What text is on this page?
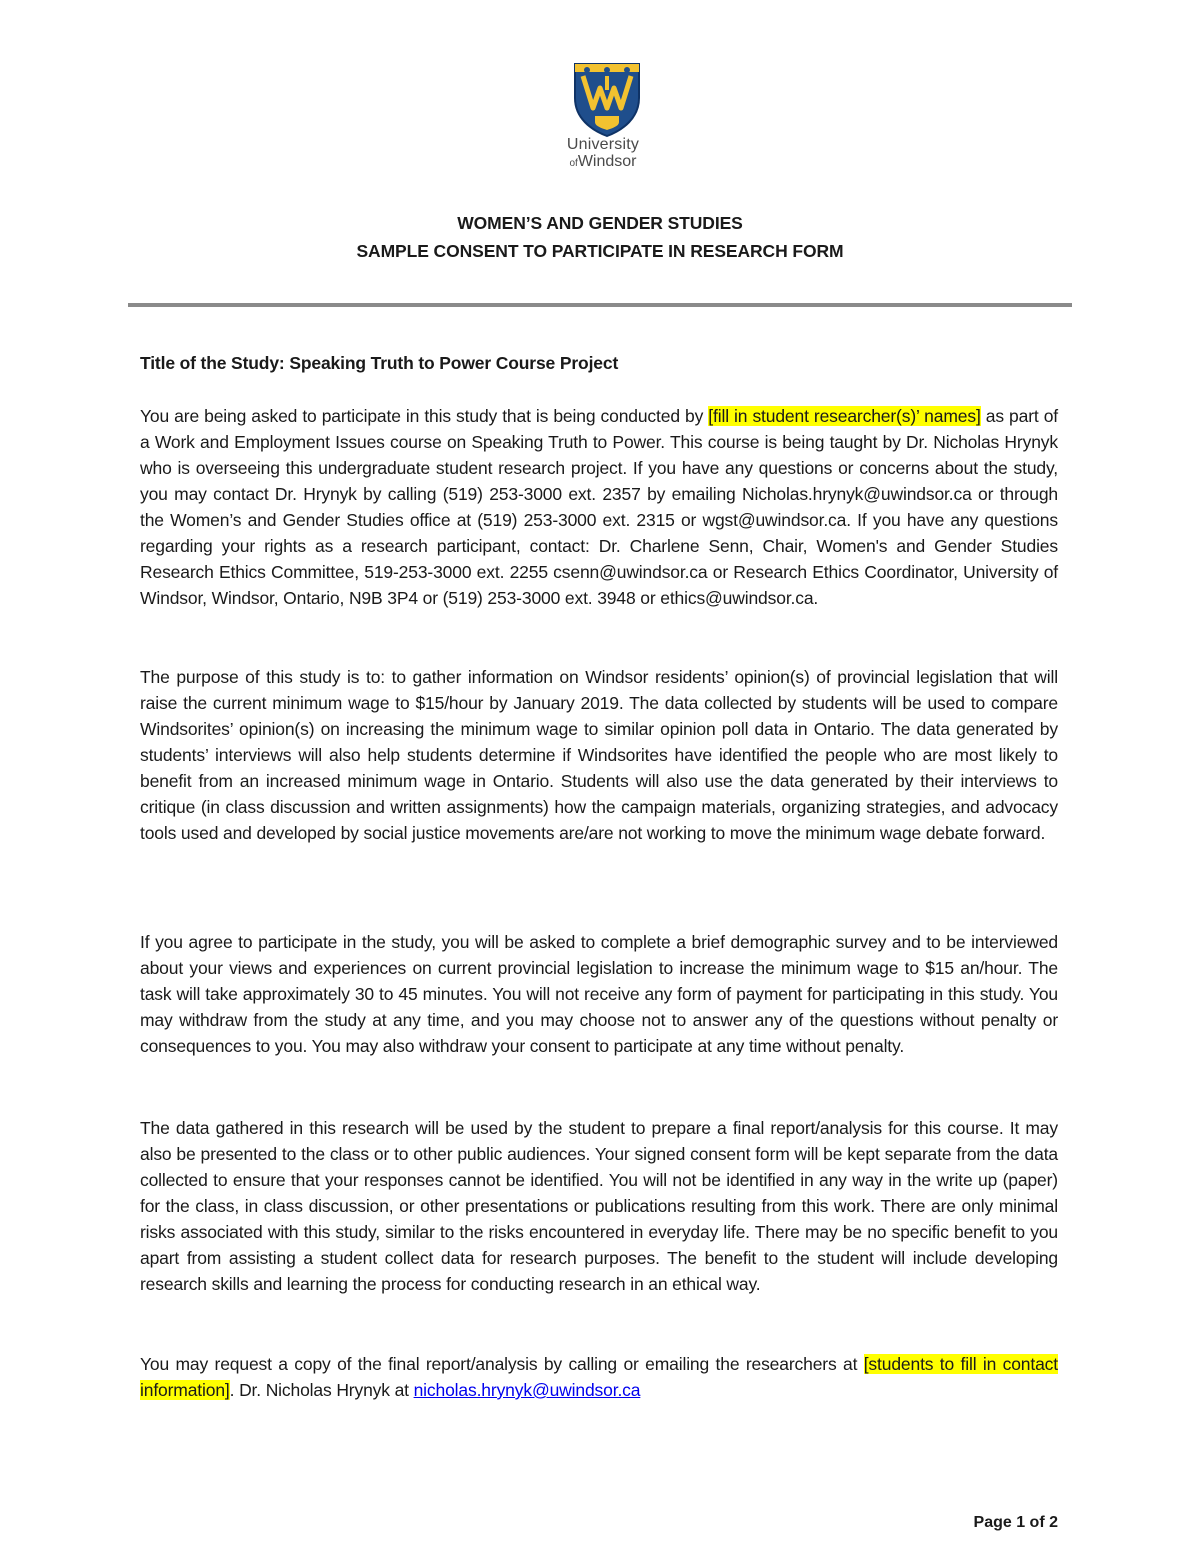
University
ofWindsor
WOMEN’S AND GENDER STUDIES
SAMPLE CONSENT TO PARTICIPATE IN RESEARCH FORM
Title of the Study: Speaking Truth to Power Course Project

You are being asked to participate in this study that is being conducted by [fill in student researcher(s)’ names] as part of a Work and Employment Issues course on Speaking Truth to Power. This course is being taught by Dr. Nicholas Hrynyk who is overseeing this undergraduate student research project. If you have any questions or concerns about the study, you may contact Dr. Hrynyk by calling (519) 253-3000 ext. 2357 by emailing Nicholas.hrynyk@uwindsor.ca or through the Women’s and Gender Studies office at (519) 253-3000 ext. 2315 or wgst@uwindsor.ca. If you have any questions regarding your rights as a research participant, contact: Dr. Charlene Senn, Chair, Women's and Gender Studies Research Ethics Committee, 519-253-3000 ext. 2255 csenn@uwindsor.ca or Research Ethics Coordinator, University of Windsor, Windsor, Ontario, N9B 3P4 or (519) 253-3000 ext. 3948 or ethics@uwindsor.ca.

The purpose of this study is to: to gather information on Windsor residents’ opinion(s) of provincial legislation that will raise the current minimum wage to $15/hour by January 2019. The data collected by students will be used to compare Windsorites’ opinion(s) on increasing the minimum wage to similar opinion poll data in Ontario. The data generated by students’ interviews will also help students determine if Windsorites have identified the people who are most likely to benefit from an increased minimum wage in Ontario. Students will also use the data generated by their interviews to critique (in class discussion and written assignments) how the campaign materials, organizing strategies, and advocacy tools used and developed by social justice movements are/are not working to move the minimum wage debate forward.

If you agree to participate in the study, you will be asked to complete a brief demographic survey and to be interviewed about your views and experiences on current provincial legislation to increase the minimum wage to $15 an/hour. The task will take approximately 30 to 45 minutes. You will not receive any form of payment for participating in this study. You may withdraw from the study at any time, and you may choose not to answer any of the questions without penalty or consequences to you. You may also withdraw your consent to participate at any time without penalty.

The data gathered in this research will be used by the student to prepare a final report/analysis for this course. It may also be presented to the class or to other public audiences. Your signed consent form will be kept separate from the data collected to ensure that your responses cannot be identified. You will not be identified in any way in the write up (paper) for the class, in class discussion, or other presentations or publications resulting from this work. There are only minimal risks associated with this study, similar to the risks encountered in everyday life. There may be no specific benefit to you apart from assisting a student collect data for research purposes. The benefit to the student will include developing research skills and learning the process for conducting research in an ethical way.

You may request a copy of the final report/analysis by calling or emailing the researchers at [students to fill in contact information]. Dr. Nicholas Hrynyk at nicholas.hrynyk@uwindsor.ca

Page 1 of 2
